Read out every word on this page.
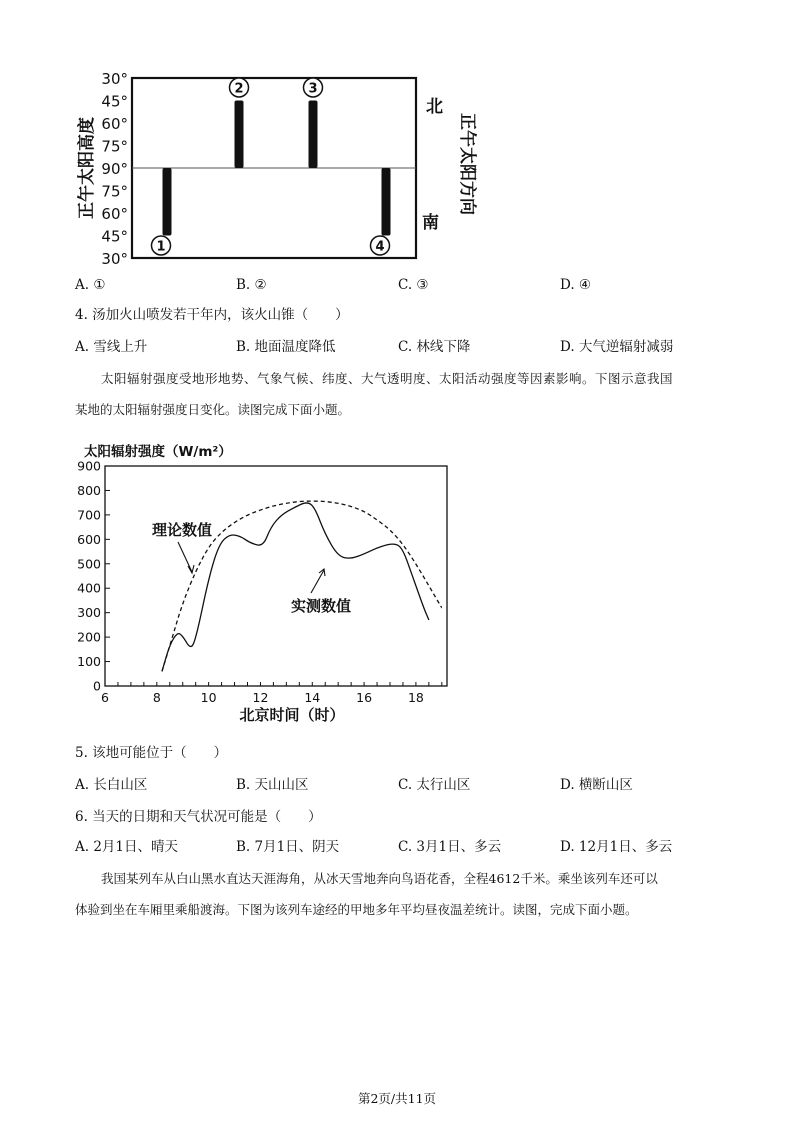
30°
45°
60°
75°
90°
75°
60°
45°
30°
1
2	3
4
正午太阳高度	正午太阳方向
北
南
A. ①	B. ②	C. ③	D. ④
4. 汤加火山喷发若干年内，该火山锥（　　）
A. 雪线上升	B. 地面温度降低	C. 林线下降	D. 大气逆辐射减弱
太阳辐射强度受地形地势、气象气候、纬度、大气透明度、太阳活动强度等因素影响。下图示意我国
某地的太阳辐射强度日变化。读图完成下面小题。
太阳辐射强度（W/m²）
0
100
200
300
400
500
600
700
800
900
6	8	10	12	14	16	18
理论数值
实测数值
北京时间（时）
5. 该地可能位于（　　）
A. 长白山区	B. 天山山区	C. 太行山区	D. 横断山区
6. 当天的日期和天气状况可能是（　　）
A. 2月1日、晴天	B. 7月1日、阴天	C. 3月1日、多云	D. 12月1日、多云
我国某列车从白山黑水直达天涯海角，从冰天雪地奔向鸟语花香，全程4612千米。乘坐该列车还可以
体验到坐在车厢里乘船渡海。下图为该列车途经的甲地多年平均昼夜温差统计。读图，完成下面小题。
第2页/共11页
